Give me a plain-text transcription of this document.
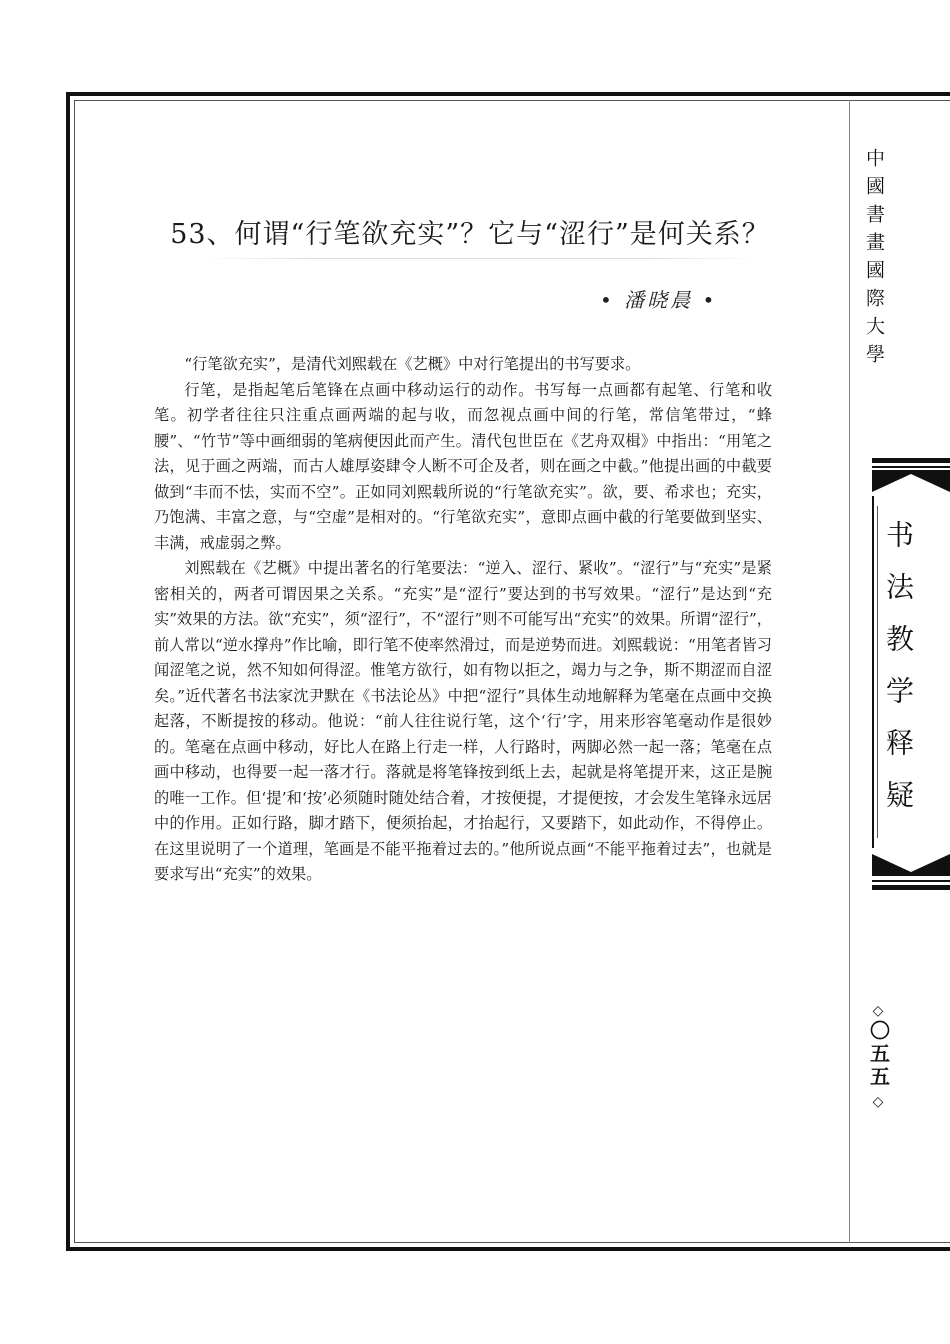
53、何谓“行笔欲充实”？它与“涩行”是何关系？
• 潘晓晨 •

“行笔欲充实”，是清代刘熙载在《艺概》中对行笔提出的书写要求。

行笔，是指起笔后笔锋在点画中移动运行的动作。书写每一点画都有起笔、行笔和收笔。初学者往往只注重点画两端的起与收，而忽视点画中间的行笔，常信笔带过，“蜂腰”、“竹节”等中画细弱的笔病便因此而产生。清代包世臣在《艺舟双楫》中指出：“用笔之法，见于画之两端，而古人雄厚姿肆令人断不可企及者，则在画之中截。”他提出画的中截要做到“丰而不怯，实而不空”。正如同刘熙载所说的“行笔欲充实”。欲，要、希求也；充实，乃饱满、丰富之意，与“空虚”是相对的。“行笔欲充实”，意即点画中截的行笔要做到坚实、丰满，戒虚弱之弊。

刘熙载在《艺概》中提出著名的行笔要法：“逆入、涩行、紧收”。“涩行”与“充实”是紧密相关的，两者可谓因果之关系。“充实”是“涩行”要达到的书写效果。“涩行”是达到“充实”效果的方法。欲“充实”，须“涩行”，不“涩行”则不可能写出“充实”的效果。所谓“涩行”，前人常以“逆水撑舟”作比喻，即行笔不使率然滑过，而是逆势而进。刘熙载说：“用笔者皆习闻涩笔之说，然不知如何得涩。惟笔方欲行，如有物以拒之，竭力与之争，斯不期涩而自涩矣。”近代著名书法家沈尹默在《书法论丛》中把“涩行”具体生动地解释为笔毫在点画中交换起落，不断提按的移动。他说：“前人往往说行笔，这个‘行’字，用来形容笔毫动作是很妙的。笔毫在点画中移动，好比人在路上行走一样，人行路时，两脚必然一起一落；笔毫在点画中移动，也得要一起一落才行。落就是将笔锋按到纸上去，起就是将笔提开来，这正是腕的唯一工作。但‘提’和‘按’必须随时随处结合着，才按便提，才提便按，才会发生笔锋永远居中的作用。正如行路，脚才踏下，便须抬起，才抬起行，又要踏下，如此动作，不得停止。在这里说明了一个道理，笔画是不能平拖着过去的。”他所说点画“不能平拖着过去”，也就是要求写出“充实”的效果。

中國書畫國際大學
书法教学释疑
◇
〇五五
◇
